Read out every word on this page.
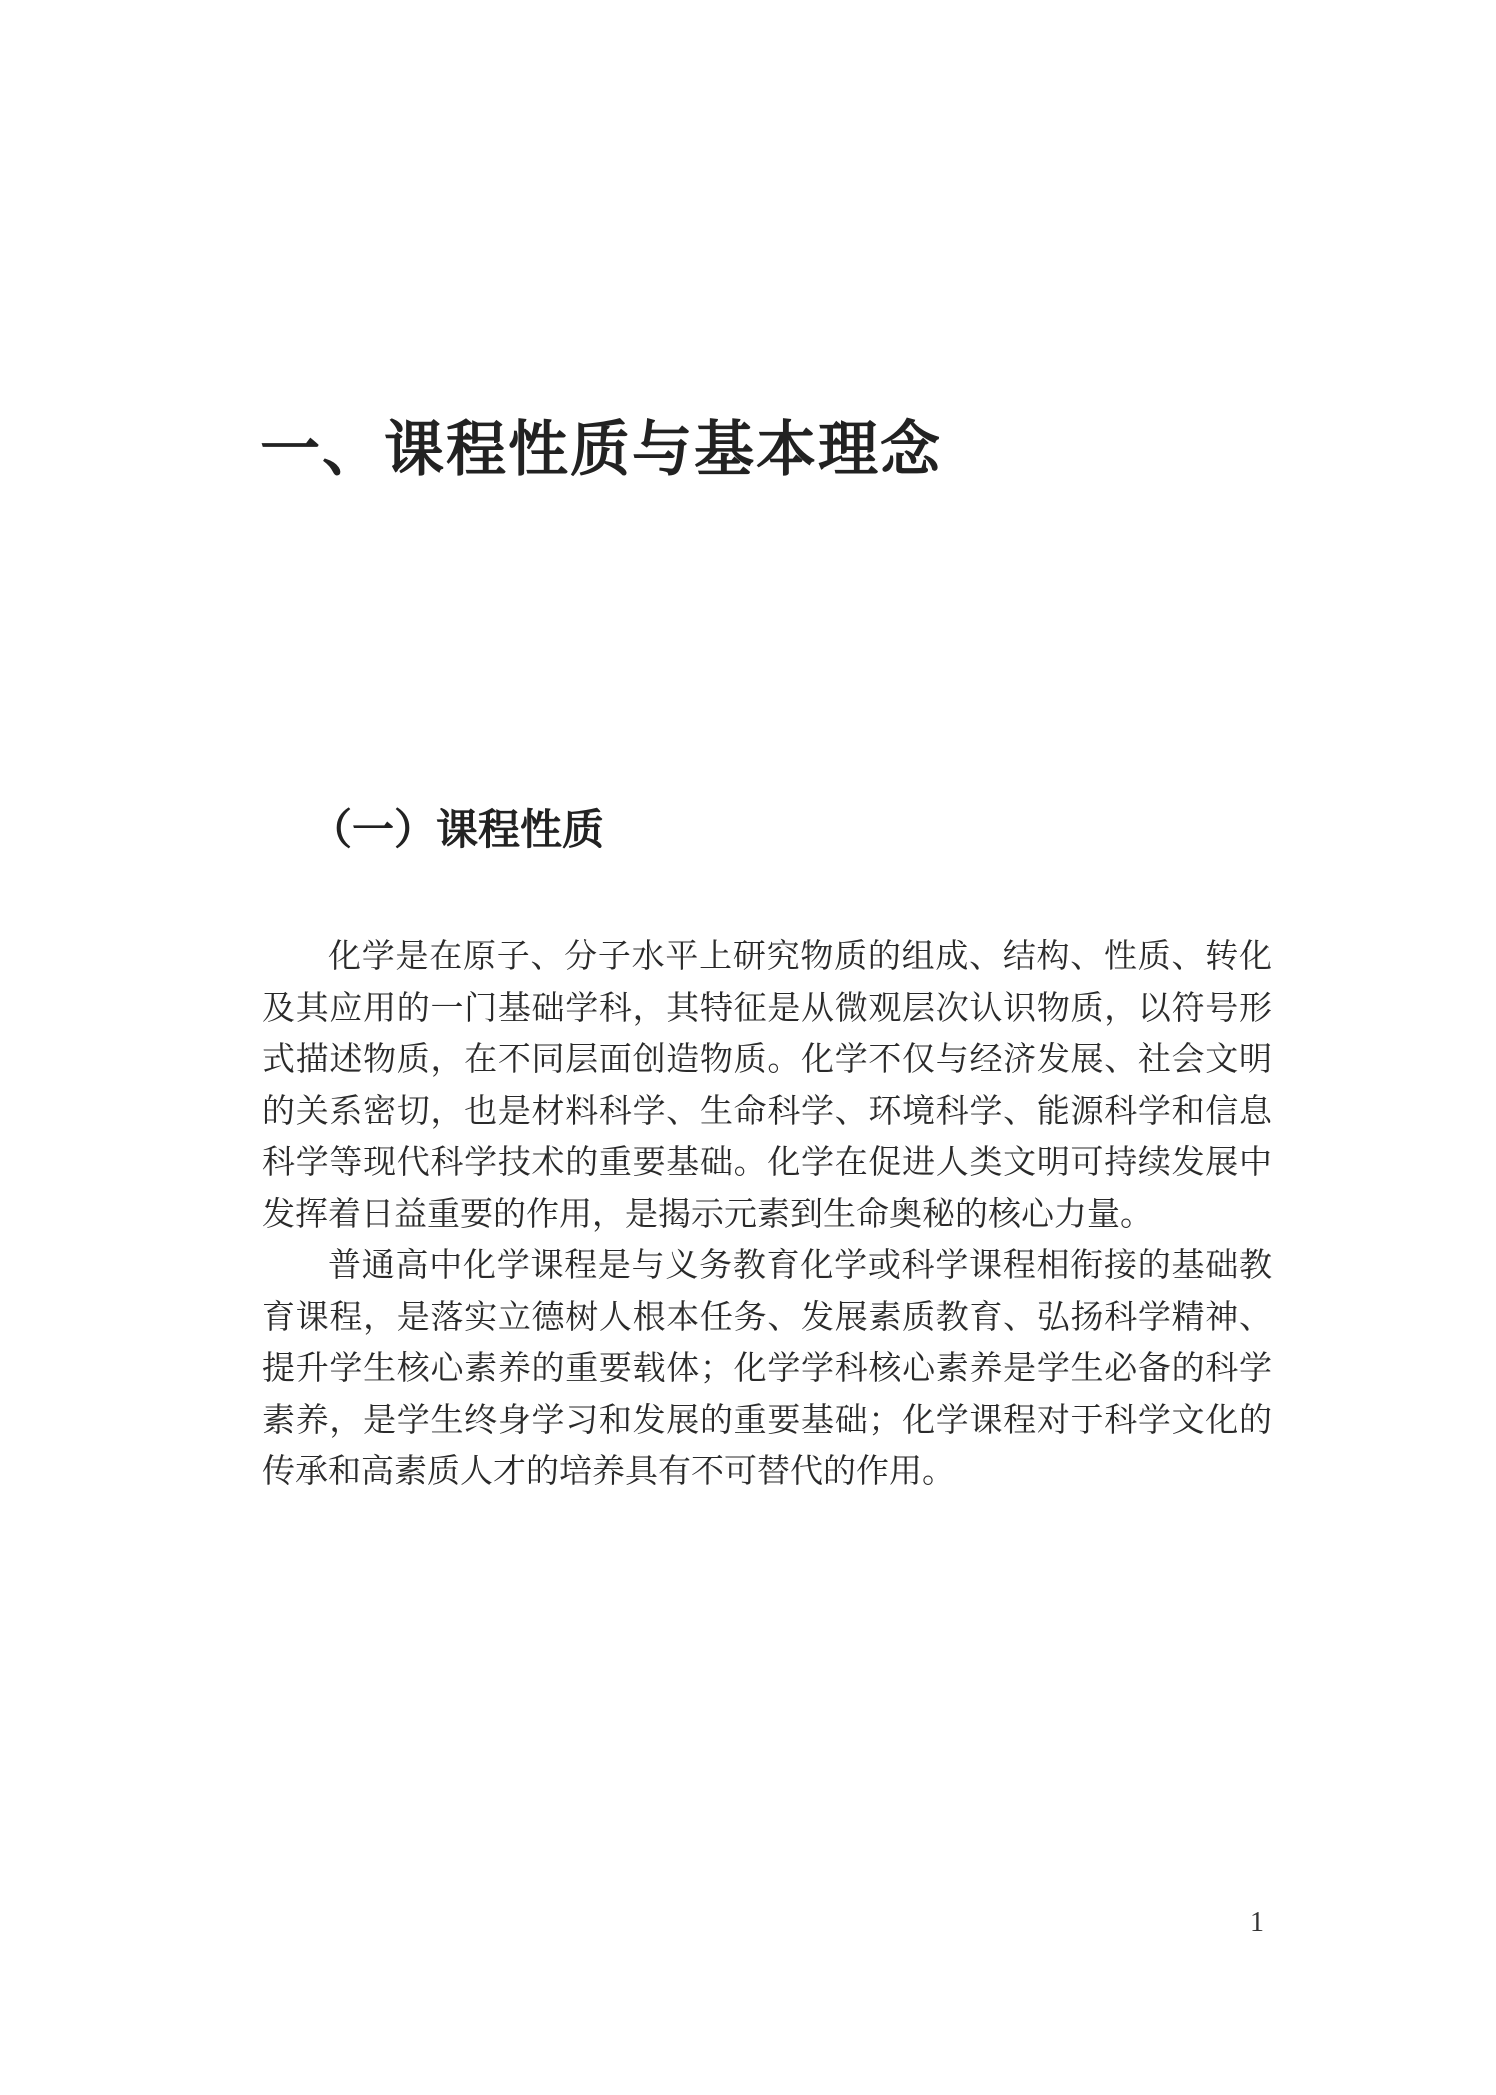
一、课程性质与基本理念
（一）课程性质

化学是在原子、分子水平上研究物质的组成、结构、性质、转化及其应用的一门基础学科，其特征是从微观层次认识物质，以符号形式描述物质，在不同层面创造物质。化学不仅与经济发展、社会文明的关系密切，也是材料科学、生命科学、环境科学、能源科学和信息科学等现代科学技术的重要基础。化学在促进人类文明可持续发展中发挥着日益重要的作用，是揭示元素到生命奥秘的核心力量。

普通高中化学课程是与义务教育化学或科学课程相衔接的基础教育课程，是落实立德树人根本任务、发展素质教育、弘扬科学精神、提升学生核心素养的重要载体；化学学科核心素养是学生必备的科学素养，是学生终身学习和发展的重要基础；化学课程对于科学文化的传承和高素质人才的培养具有不可替代的作用。

1
